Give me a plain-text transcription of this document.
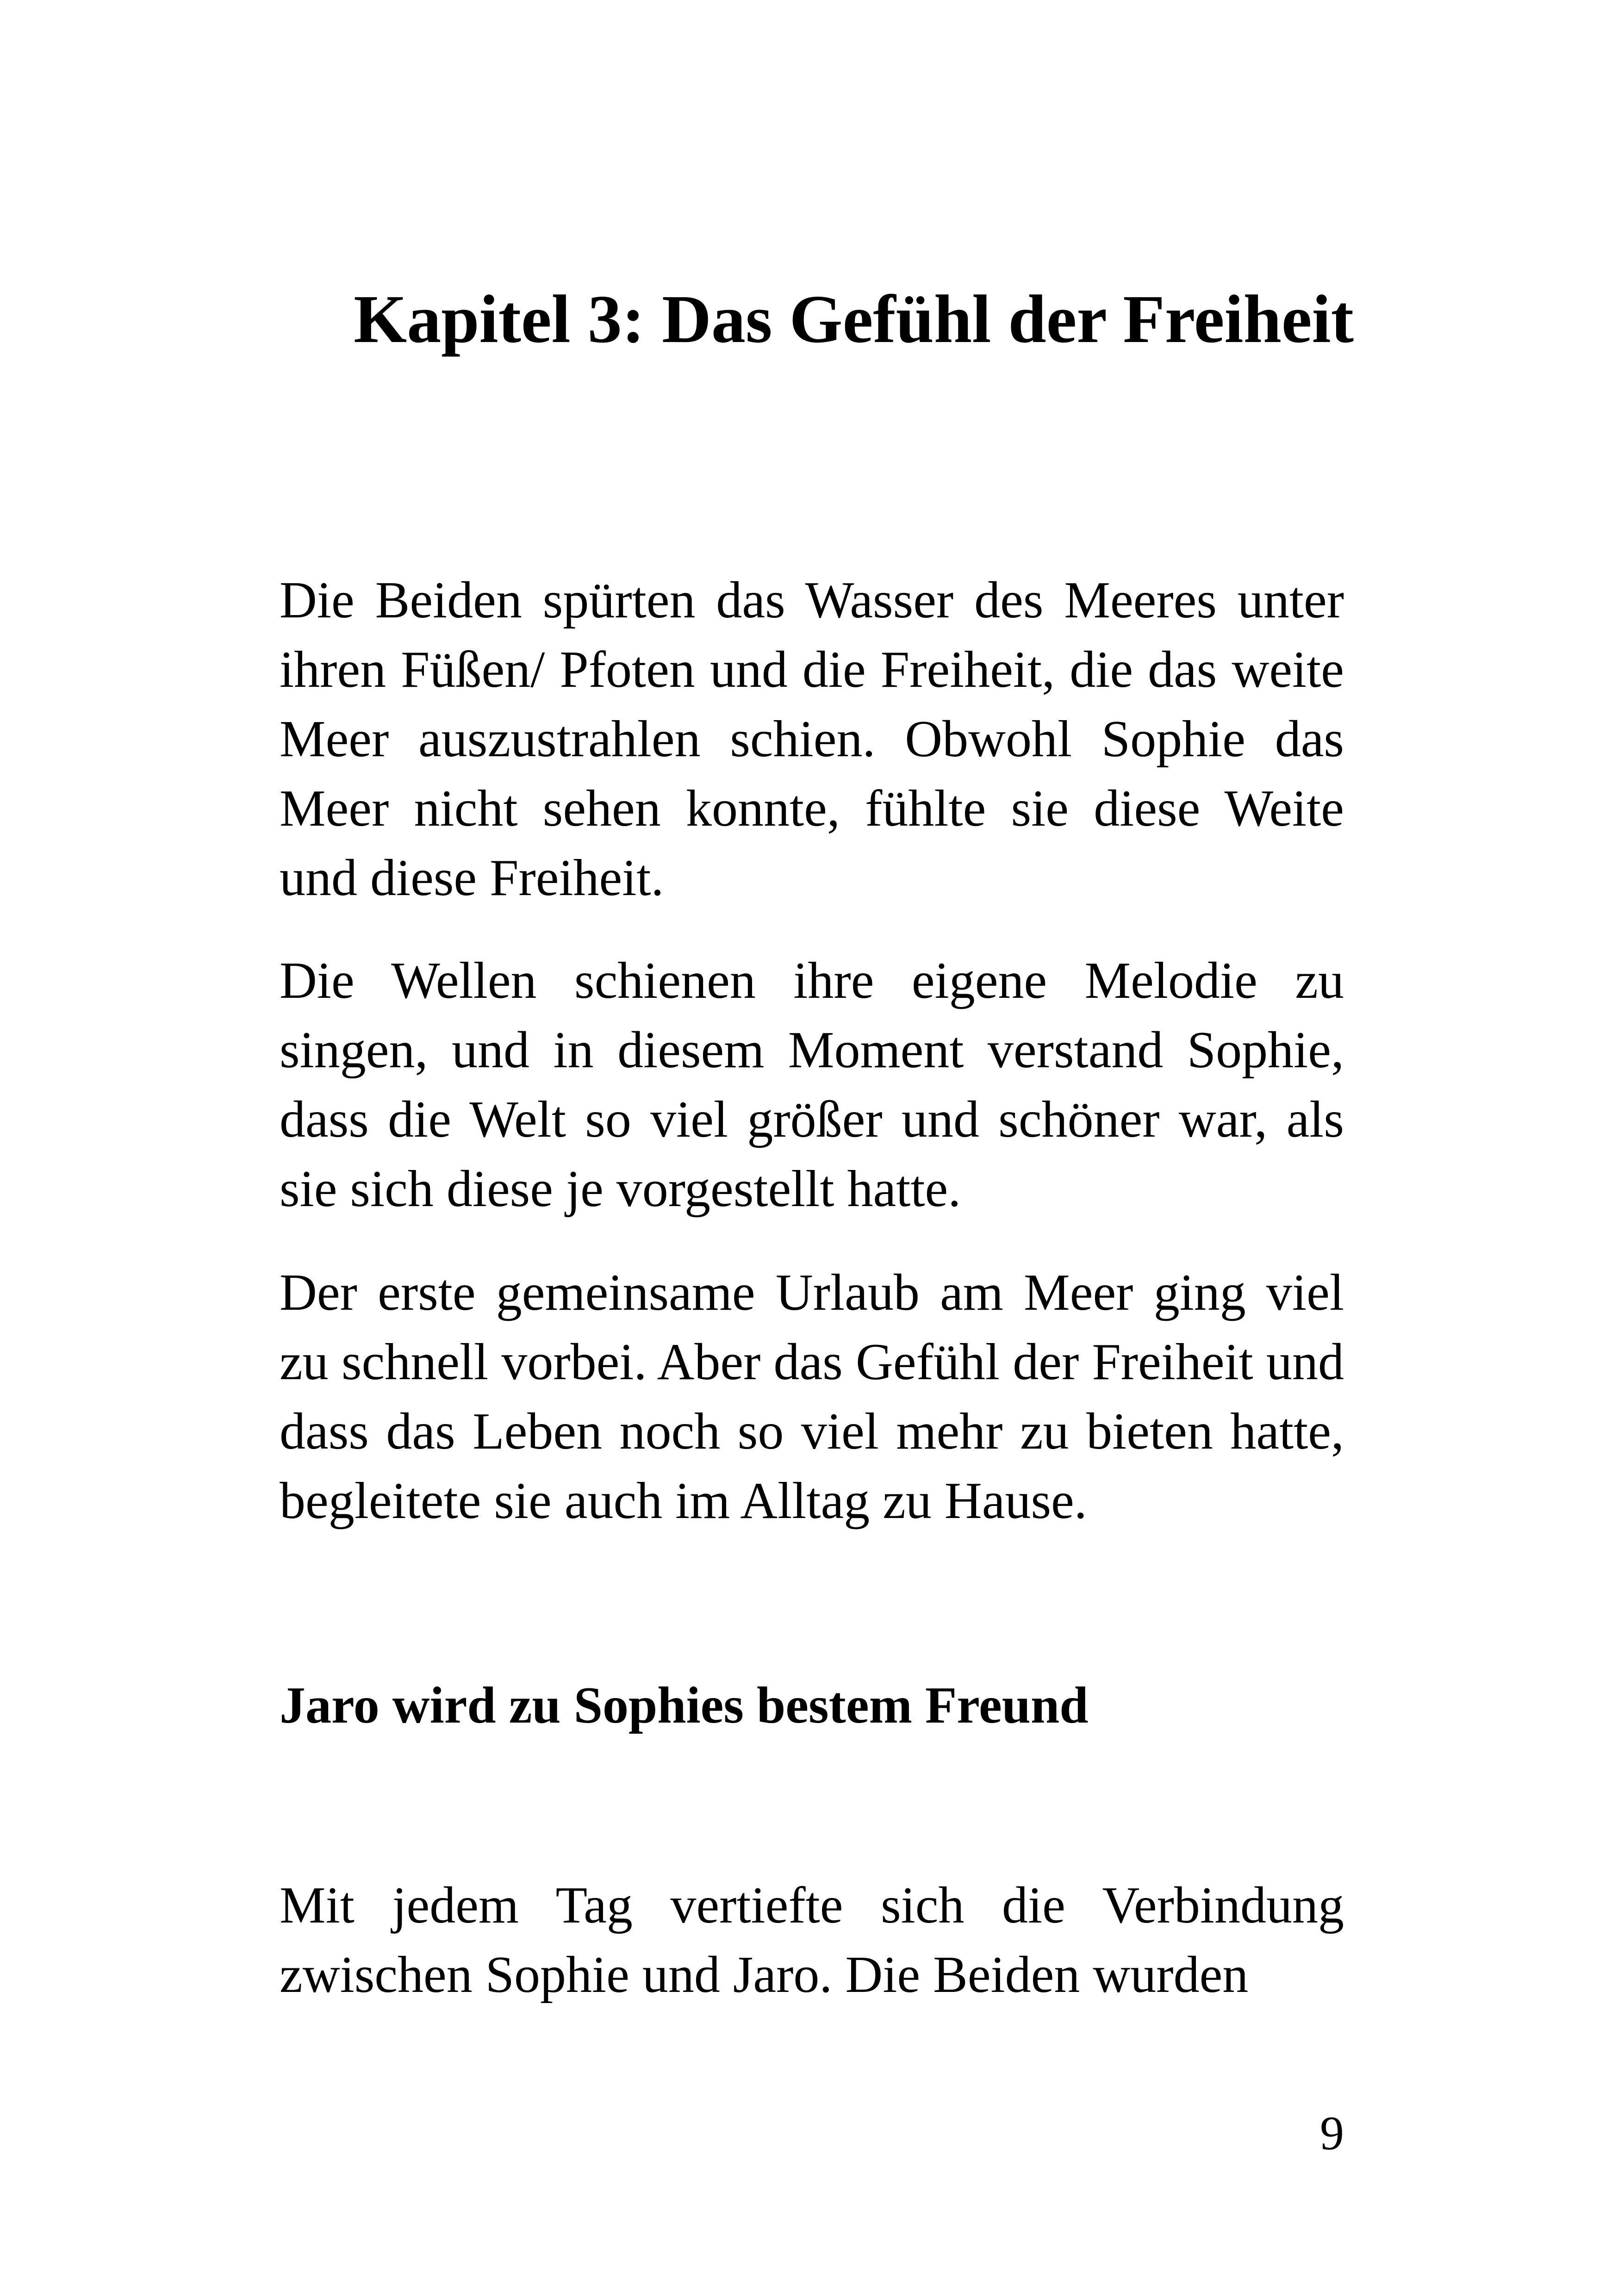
Kapitel 3: Das Gefühl der Freiheit

Die Beiden spürten das Wasser des Meeres unter ihren Füßen/ Pfoten und die Freiheit, die das weite Meer auszustrahlen schien. Obwohl Sophie das Meer nicht sehen konnte, fühlte sie diese Weite und diese Freiheit.

Die Wellen schienen ihre eigene Melodie zu singen, und in diesem Moment verstand Sophie, dass die Welt so viel größer und schöner war, als sie sich diese je vorgestellt hatte.

Der erste gemeinsame Urlaub am Meer ging viel zu schnell vorbei. Aber das Gefühl der Freiheit und dass das Leben noch so viel mehr zu bieten hatte, begleitete sie auch im Alltag zu Hause.

Jaro wird zu Sophies bestem Freund

Mit jedem Tag vertiefte sich die Verbindung zwischen Sophie und Jaro. Die Beiden wurden

9
